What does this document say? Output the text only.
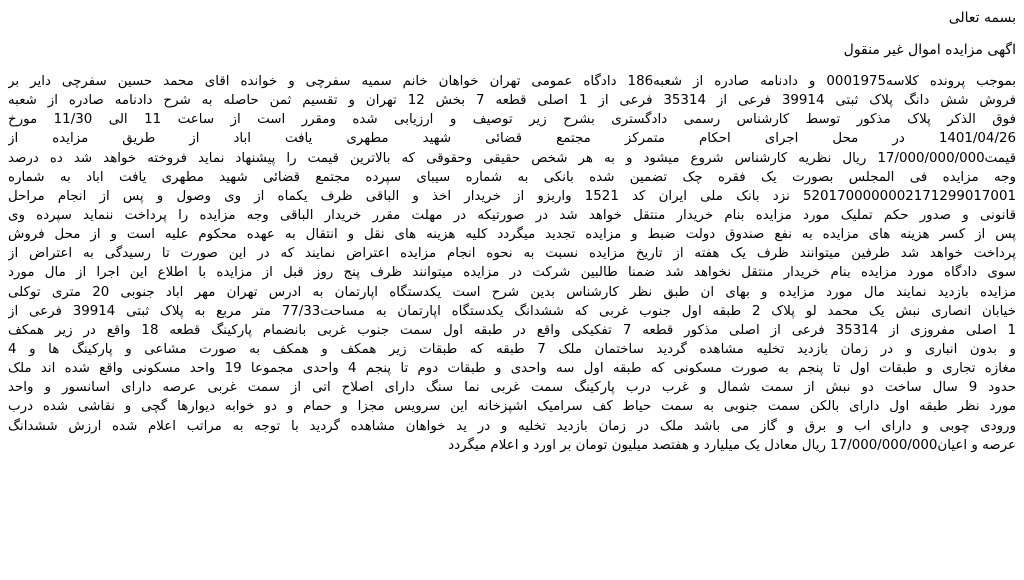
بسمه تعالی
اگهی مزایده اموال غیر منقول
بموجب پرونده کلاسه0001975 و دادنامه صادره از شعبه186 دادگاه عمومی تهران خواهان خانم سمیه سفرچی و خوانده اقای محمد حسین سفرچی دایر بر
فروش شش دانگ پلاک ثبتی 39914 فرعی از 35314 فرعی از 1 اصلی قطعه 7 بخش 12 تهران و تقسیم ثمن حاصله به شرح دادنامه صادره از شعبه
فوق الذکر پلاک مذکور توسط کارشناس رسمی دادگستری بشرح زیر توصیف و ارزیابی شده ومقرر است از ساعت 11 الی 11/30 مورخ
1401/04/26 در محل اجرای احکام متمرکز مجتمع قضائی شهید مطهری یافت اباد از طریق مزایده از
قیمت17/000/000/000 ریال نظریه کارشناس شروع میشود و به هر شخص حقیقی وحقوقی که بالاترین قیمت را پیشنهاد نماید فروخته خواهد شد ده درصد
وجه مزایده فی المجلس بصورت یک فقره چک تضمین شده بانکی به شماره سیبای سپرده مجتمع قضائی شهید مطهری یافت اباد به شماره
5201700000002171299017001 نزد بانک ملی ایران کد 1521 واریزو از خریدار اخذ و الباقی ظرف یکماه از وی وصول و پس از انجام مراحل
قانونی و صدور حکم تملیک مورد مزایده بنام خریدار منتقل خواهد شد در صورتیکه در مهلت مقرر خریدار الباقی وجه مزایده را پرداخت ننماید سپرده وی
پس از کسر هزینه های مزایده به نفع صندوق دولت ضبط و مزایده تجدید میگردد کلیه هزینه های نقل و انتقال به عهده محکوم علیه است و از محل فروش
پرداخت خواهد شد طرفین میتوانند ظرف یک هفته از تاریخ مزایده نسبت به نحوه انجام مزایده اعتراض نمایند که در این صورت تا رسیدگی به اعتراض از
سوی دادگاه مورد مزایده بنام خریدار منتقل نخواهد شد ضمنا طالبین شرکت در مزایده میتوانند ظرف پنج روز قبل از مزایده با اطلاع این اجرا از مال مورد
مزایده بازدید نمایند مال مورد مزایده و بهای ان طبق نظر کارشناس بدین شرح است یکدستگاه اپارتمان به ادرس تهران مهر اباد جنوبی 20 متری توکلی
خیابان انصاری نبش یک محمد لو پلاک 2 طبقه اول جنوب غربی که ششدانگ یکدستگاه اپارتمان به مساحت77/33 متر مربع به پلاک ثبتی 39914 فرعی از
1 اصلی مفروزی از 35314 فرعی از اصلی مذکور قطعه 7 تفکیکی واقع در طبقه اول سمت جنوب غربی بانضمام پارکینگ قطعه 18 واقع در زیر همکف
و بدون انباری و در زمان بازدید تخلیه مشاهده گردید ساختمان ملک 7 طبقه که طبقات زیر همکف و همکف به صورت مشاعی و پارکینگ ها و 4
مغازه تجاری و طبقات اول تا پنجم به صورت مسکونی که طبقه اول سه واحدی و طبقات دوم تا پنجم 4 واحدی مجموعا 19 واحد مسکونی واقع شده اند ملک
حدود 9 سال ساخت دو نبش از سمت شمال و غرب درب پارکینگ سمت غربی نما سنگ دارای اصلاح اتی از سمت غربی عرصه دارای اسانسور و واحد
مورد نظر طبقه اول دارای بالکن سمت جنوبی به سمت حیاط کف سرامیک اشپزخانه این سرویس مجزا و حمام و دو خوابه دیوارها گچی و نقاشی شده درب
ورودی چوبی و دارای اب و برق و گاز می باشد ملک در زمان بازدید تخلیه و در ید خواهان مشاهده گردید با توجه به مراتب اعلام شده ارزش ششدانگ
عرصه و اعیان17/000/000/000 ریال معادل یک میلیارد و هفتصد میلیون تومان بر اورد و اعلام میگردد
